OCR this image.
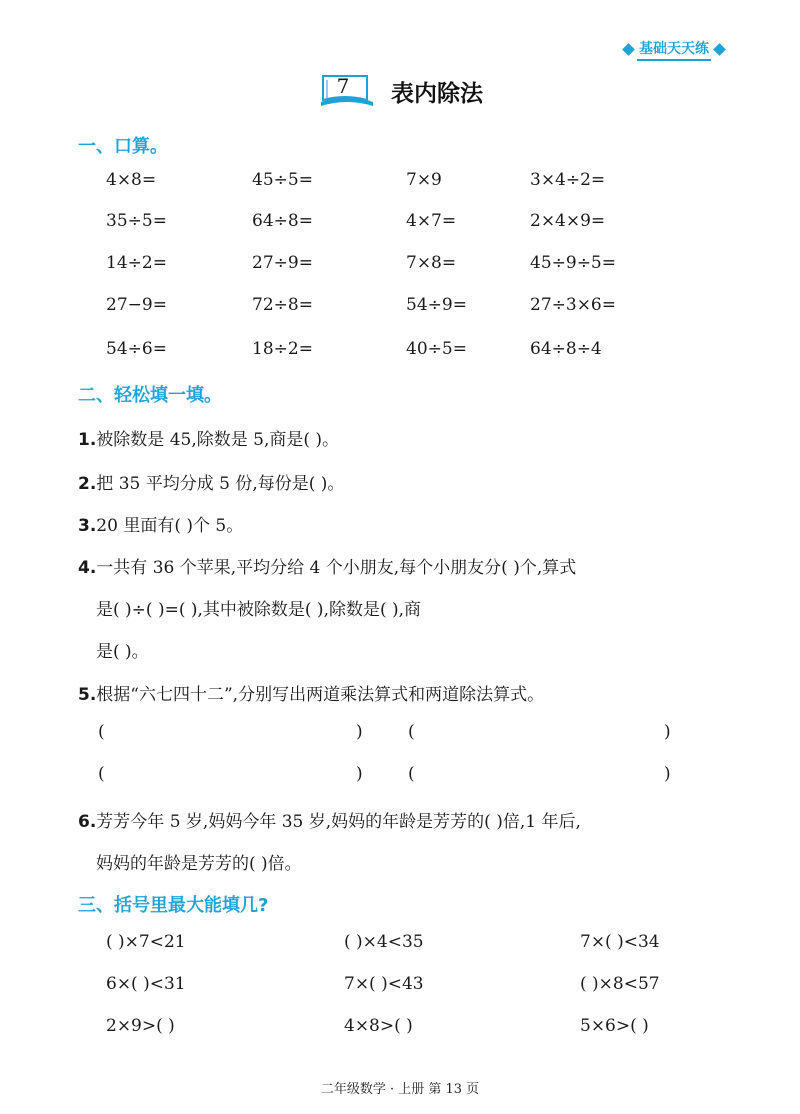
基础天天练
7	表内除法
一、口算。
4×8=	45÷5=	7×9	3×4÷2=
35÷5=	64÷8=	4×7=	2×4×9=
14÷2=	27÷9=	7×8=	45÷9÷5=
27−9=	72÷8=	54÷9=	27÷3×6=
54÷6=	18÷2=	40÷5=	64÷8÷4
二、轻松填一填。
1.被除数是 45,除数是 5,商是( )。
2.把 35 平均分成 5 份,每份是( )。
3.20 里面有( )个 5。
4.一共有 36 个苹果,平均分给 4 个小朋友,每个小朋友分( )个,算式
是( )÷( )=( ),其中被除数是( ),除数是( ),商
是( )。
5.根据“六七四十二”,分别写出两道乘法算式和两道除法算式。
(	)	(	)
(	)	(	)
6.芳芳今年 5 岁,妈妈今年 35 岁,妈妈的年龄是芳芳的( )倍,1 年后,
妈妈的年龄是芳芳的( )倍。
三、括号里最大能填几?
( )×7<21	( )×4<35	7×( )<34
6×( )<31	7×( )<43	( )×8<57
2×9>( )	4×8>( )	5×6>( )
二年级数学 · 上册 第 13 页
